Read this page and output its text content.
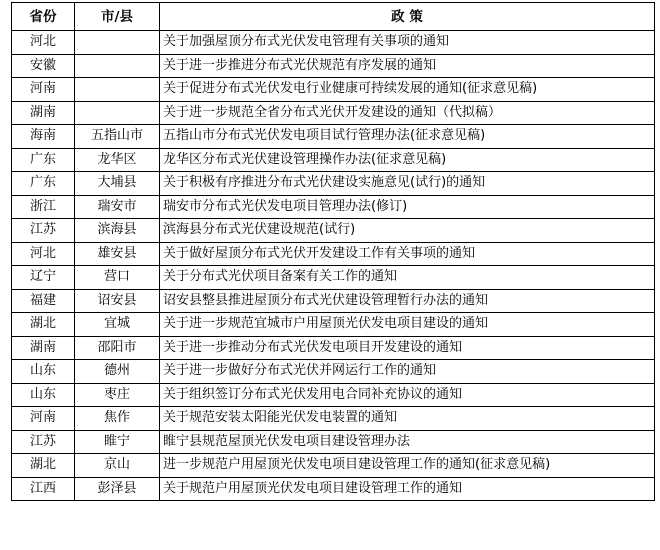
省份	市/县	政 策
河北		关于加强屋顶分布式光伏发电管理有关事项的通知
安徽		关于进一步推进分布式光伏规范有序发展的通知
河南		关于促进分布式光伏发电行业健康可持续发展的通知(征求意见稿)
湖南		关于进一步规范全省分布式光伏开发建设的通知（代拟稿）
海南	五指山市	五指山市分布式光伏发电项目试行管理办法(征求意见稿)
广东	龙华区	龙华区分布式光伏建设管理操作办法(征求意见稿)
广东	大埔县	关于积极有序推进分布式光伏建设实施意见(试行)的通知
浙江	瑞安市	瑞安市分布式光伏发电项目管理办法(修订)
江苏	滨海县	滨海县分布式光伏建设规范(试行)
河北	雄安县	关于做好屋顶分布式光伏开发建设工作有关事项的通知
辽宁	营口	关于分布式光伏项目备案有关工作的通知
福建	诏安县	诏安县整县推进屋顶分布式光伏建设管理暂行办法的通知
湖北	宜城	关于进一步规范宜城市户用屋顶光伏发电项目建设的通知
湖南	邵阳市	关于进一步推动分布式光伏发电项目开发建设的通知
山东	德州	关于进一步做好分布式光伏并网运行工作的通知
山东	枣庄	关于组织签订分布式光伏发用电合同补充协议的通知
河南	焦作	关于规范安装太阳能光伏发电装置的通知
江苏	睢宁	睢宁县规范屋顶光伏发电项目建设管理办法
湖北	京山	进一步规范户用屋顶光伏发电项目建设管理工作的通知(征求意见稿)
江西	彭泽县	关于规范户用屋顶光伏发电项目建设管理工作的通知
